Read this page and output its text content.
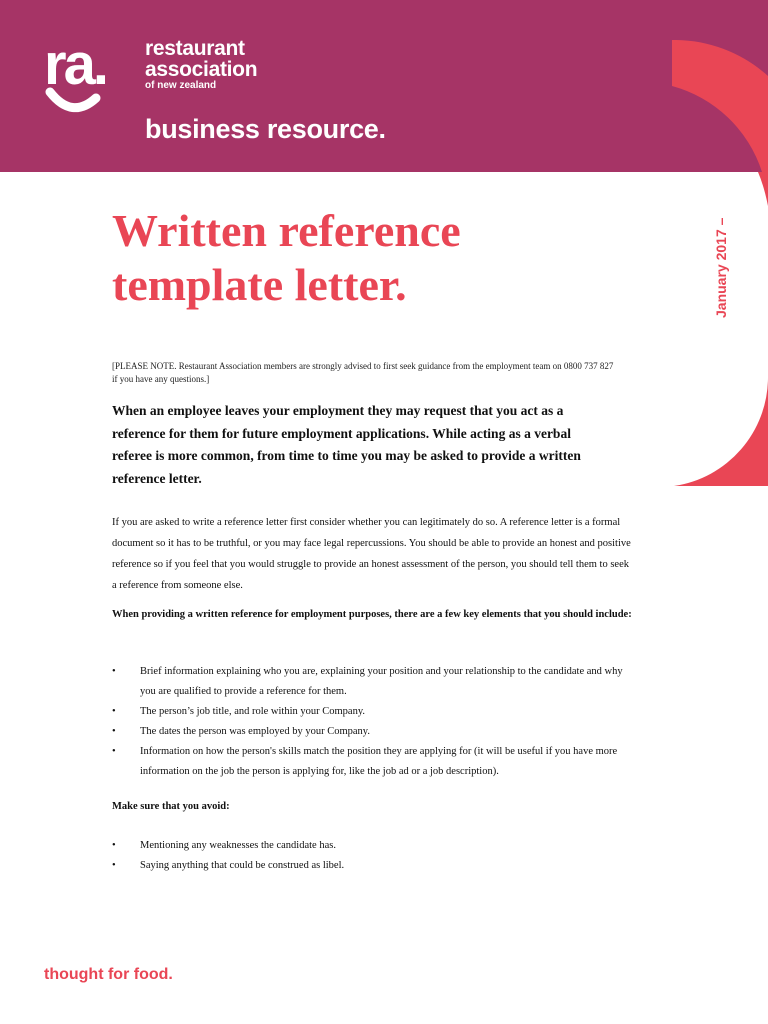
ra. restaurant
association
of new zealand
business resource.
Written reference
template letter.	January 2017 –
[PLEASE NOTE. Restaurant Association members are strongly advised to first seek guidance from the employment team on 0800 737 827
if you have any questions.]
When an employee leaves your employment they may request that you act as a reference for them for future employment applications. While acting as a verbal referee is more common, from time to time you may be asked to provide a written reference letter.
If you are asked to write a reference letter first consider whether you can legitimately do so. A reference letter is a formal document so it has to be truthful, or you may face legal repercussions. You should be able to provide an honest and positive reference so if you feel that you would struggle to provide an honest assessment of the person, you should tell them to seek a reference from someone else.
When providing a written reference for employment purposes, there are a few key elements that you should include:
• Brief information explaining who you are, explaining your position and your relationship to the candidate and why you are qualified to provide a reference for them.
• The person’s job title, and role within your Company.
• The dates the person was employed by your Company.
• Information on how the person's skills match the position they are applying for (it will be useful if you have more information on the job the person is applying for, like the job ad or a job description).
Make sure that you avoid:
• Mentioning any weaknesses the candidate has.
• Saying anything that could be construed as libel.
thought for food.
